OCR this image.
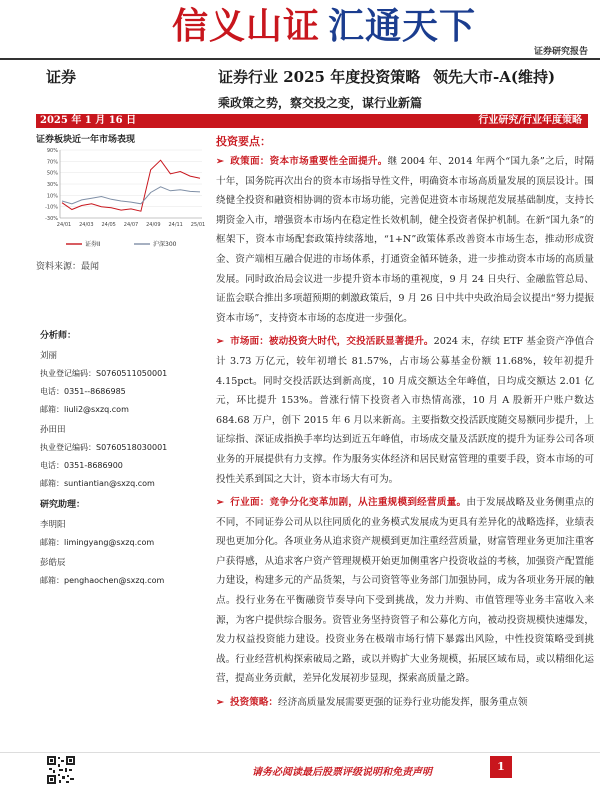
信义山证 汇通天下
证券研究报告
证券	证券行业 2025 年度投资策略 领先大市-A(维持)
乘政策之势，察交投之变，谋行业新篇
2025 年 1 月 16 日	行业研究/行业年度策略
证券板块近一年市场表现
90%
70%
50%
30%
10%
-10%
-30%
24/01 24/03 24/05 24/07 24/09 24/11 25/01
证券II	沪深300
资料来源：最闻
分析师：
刘丽
执业登记编码：S0760511050001
电话：0351--8686985
邮箱：liuli2@sxzq.com
孙田田
执业登记编码：S0760518030001
电话：0351-8686900
邮箱：suntiantian@sxzq.com
研究助理：
李明阳
邮箱：limingyang@sxzq.com
彭皓辰
邮箱：penghaochen@sxzq.com
投资要点：

➢ 政策面：资本市场重要性全面提升。继 2004 年、2014 年两个“国九条”之后，时隔十年，国务院再次出台的资本市场指导性文件，明确资本市场高质量发展的顶层设计。围绕健全投资和融资相协调的资本市场功能，完善促进资本市场规范发展基础制度，支持长期资金入市，增强资本市场内在稳定性长效机制，健全投资者保护机制。在新“国九条”的框架下，资本市场配套政策持续落地，“1+N”政策体系改善资本市场生态，推动形成资金、资产端相互融合促进的市场体系，打通资金循环链条，进一步推动资本市场的高质量发展。同时政治局会议进一步提升资本市场的重视度，9 月 24 日央行、金融监管总局、证监会联合推出多项超预期的刺激政策后，9 月 26 日中共中央政治局会议提出“努力提振资本市场”，支持资本市场的态度进一步强化。

➢ 市场面：被动投资大时代，交投活跃显著提升。2024 末，存续 ETF 基金资产净值合计 3.73 万亿元，较年初增长 81.57%，占市场公募基金份额 11.68%，较年初提升 4.15pct。同时交投活跃达到新高度，10 月成交额达全年峰值，日均成交额达 2.01 亿元，环比提升 153%。普涨行情下投资者入市热情高涨，10 月 A 股新开户账户数达 684.68 万户，创下 2015 年 6 月以来新高。主要指数交投活跃度随交易额同步提升，上证综指、深证成指换手率均达到近五年峰值，市场成交量及活跃度的提升为证券公司各项业务的开展提供有力支撑。作为服务实体经济和居民财富管理的重要手段，资本市场的可投性关系到国之大计，资本市场大有可为。

➢ 行业面：竞争分化变革加剧，从注重规模到经营质量。由于发展战略及业务侧重点的不同，不同证券公司从以往同质化的业务模式发展成为更具有差异化的战略选择，业绩表现也更加分化。各项业务从追求资产规模到更加注重经营质量，财富管理业务更加注重客户获得感，从追求客户资产管理规模开始更加侧重客户投资收益的考核，加强资产配置能力建设，构建多元的产品货架，与公司资管等业务部门加强协同，成为各项业务开展的触点。投行业务在平衡融资节奏导向下受到挑战，发力并购、市值管理等业务丰富收入来源，为客户提供综合服务。资管业务坚持资管子和公募化方向，被动投资规模快速爆发，发力权益投资能力建设。投资业务在极端市场行情下暴露出风险，中性投资策略受到挑战。行业经营机构探索破局之路，或以并购扩大业务规模，拓展区域布局，或以精细化运营，提高业务贡献，差异化发展初步显现，探索高质量之路。

➢ 投资策略：经济高质量发展需要更强的证券行业功能发挥，服务重点领

请务必阅读最后股票评级说明和免责声明	1
